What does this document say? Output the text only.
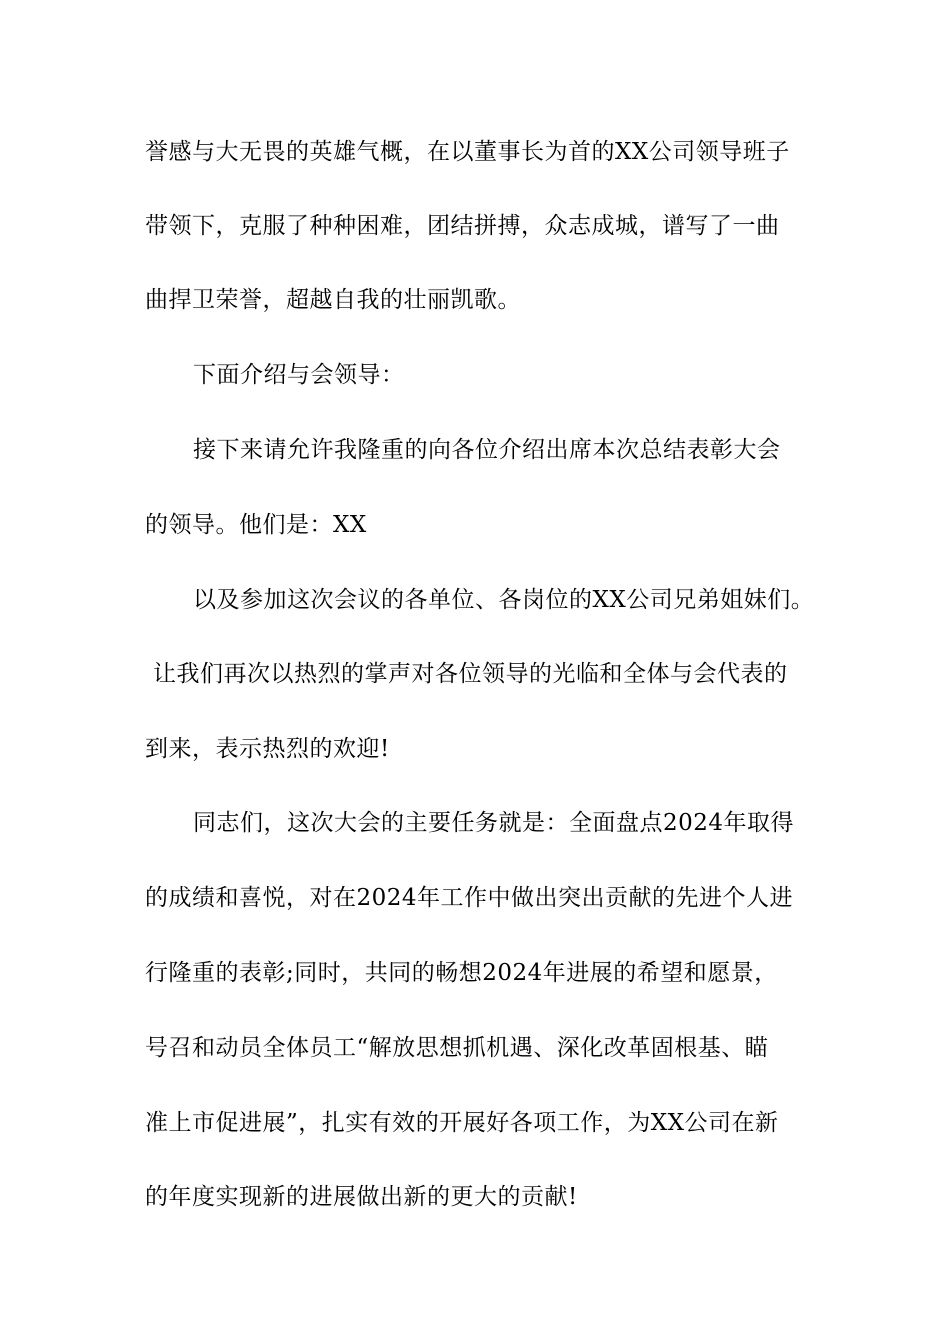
誉感与大无畏的英雄气概，在以董事长为首的XX公司领导班子
带领下，克服了种种困难，团结拼搏，众志成城，谱写了一曲
曲捍卫荣誉，超越自我的壮丽凯歌。
下面介绍与会领导：
接下来请允许我隆重的向各位介绍出席本次总结表彰大会
的领导。他们是：XX
以及参加这次会议的各单位、各岗位的XX公司兄弟姐妹们。
让我们再次以热烈的掌声对各位领导的光临和全体与会代表的
到来，表示热烈的欢迎!
同志们，这次大会的主要任务就是：全面盘点2024年取得
的成绩和喜悦，对在2024年工作中做出突出贡献的先进个人进
行隆重的表彰;同时，共同的畅想2024年进展的希望和愿景，
号召和动员全体员工“解放思想抓机遇、深化改革固根基、瞄
准上市促进展”，扎实有效的开展好各项工作，为XX公司在新
的年度实现新的进展做出新的更大的贡献!
